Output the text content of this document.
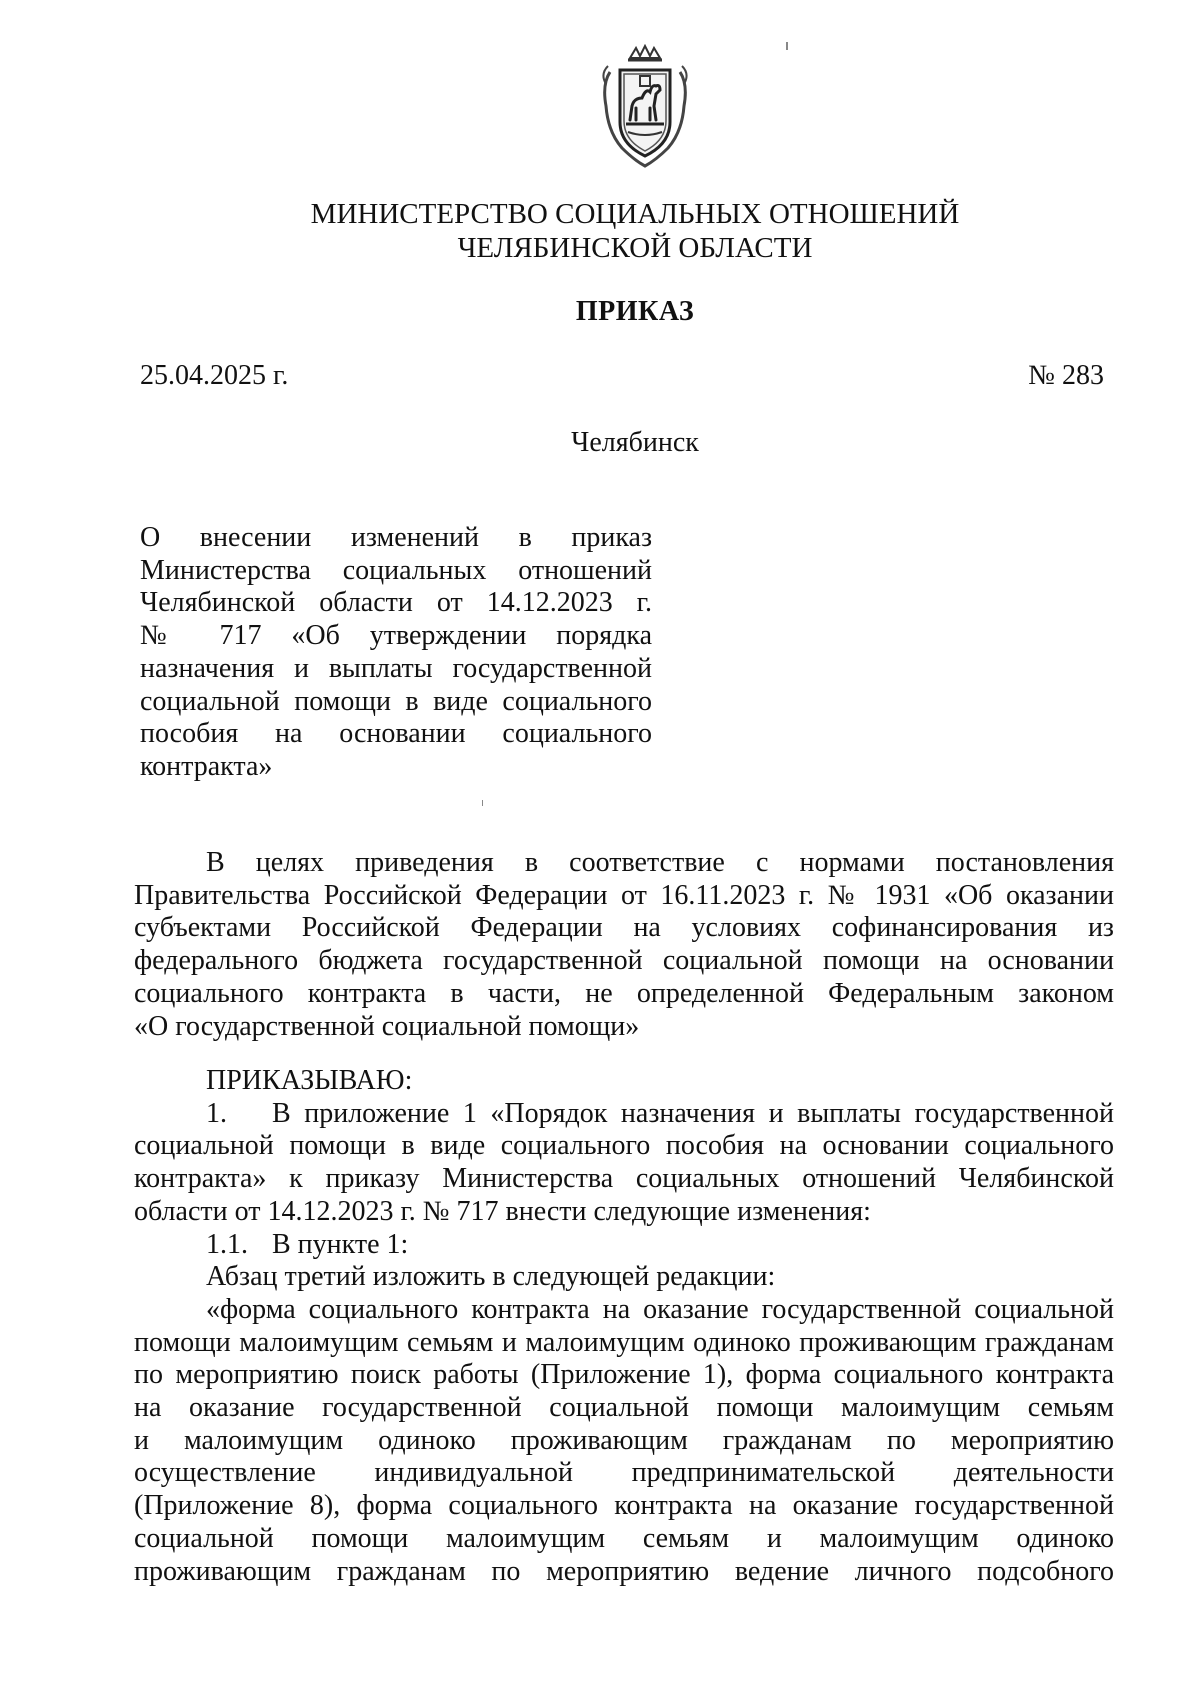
МИНИСТЕРСТВО СОЦИАЛЬНЫХ ОТНОШЕНИЙ
ЧЕЛЯБИНСКОЙ ОБЛАСТИ
ПРИКАЗ
25.04.2025 г.	№ 283
Челябинск
О внесении изменений в приказ
Министерства социальных отношений
Челябинской области от 14.12.2023 г.
№ 717 «Об утверждении порядка
назначения и выплаты государственной
социальной помощи в виде социального
пособия на основании социального
контракта»
В целях приведения в соответствие с нормами постановления
Правительства Российской Федерации от 16.11.2023 г. № 1931 «Об оказании
субъектами Российской Федерации на условиях софинансирования из
федерального бюджета государственной социальной помощи на основании
социального контракта в части, не определенной Федеральным законом
«О государственной социальной помощи»
ПРИКАЗЫВАЮ:
1. В приложение 1 «Порядок назначения и выплаты государственной
социальной помощи в виде социального пособия на основании социального
контракта» к приказу Министерства социальных отношений Челябинской
области от 14.12.2023 г. № 717 внести следующие изменения:
1.1. В пункте 1:
Абзац третий изложить в следующей редакции:
«форма социального контракта на оказание государственной социальной
помощи малоимущим семьям и малоимущим одиноко проживающим гражданам
по мероприятию поиск работы (Приложение 1), форма социального контракта
на оказание государственной социальной помощи малоимущим семьям
и малоимущим одиноко проживающим гражданам по мероприятию
осуществление индивидуальной предпринимательской деятельности
(Приложение 8), форма социального контракта на оказание государственной
социальной помощи малоимущим семьям и малоимущим одиноко
проживающим гражданам по мероприятию ведение личного подсобного
